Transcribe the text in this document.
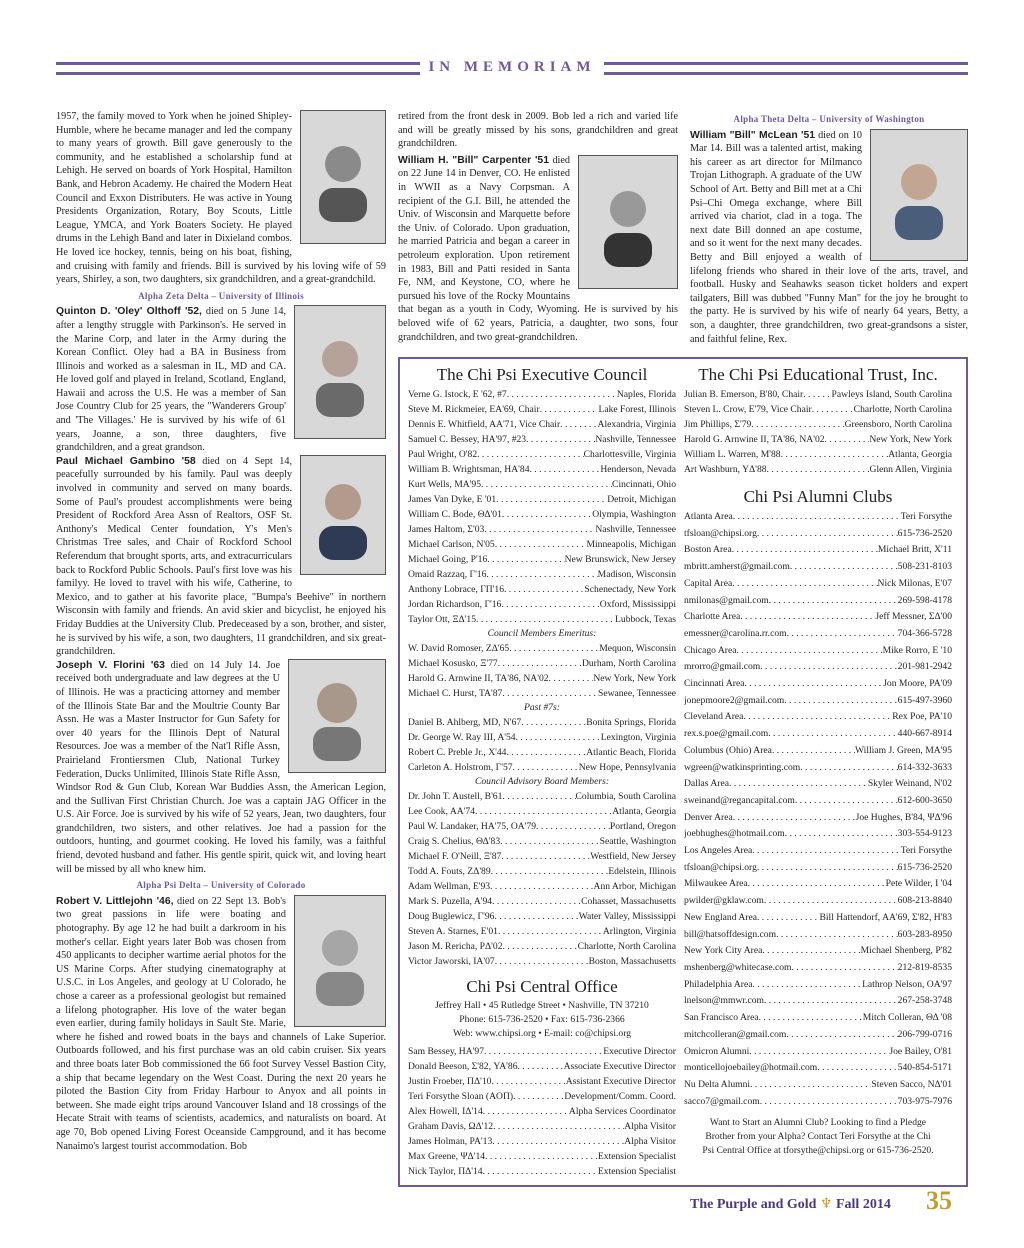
IN MEMORIAM

1957, the family moved to York when he joined Shipley-Humble, where he became manager and led the company to many years of growth. Bill gave generously to the community, and he established a scholarship fund at Lehigh. He served on boards of York Hospital, Hamilton Bank, and Hebron Academy. He chaired the Modern Heat Council and Exxon Distributers. He was active in Young Presidents Organization, Rotary, Boy Scouts, Little League, YMCA, and York Boaters Society. He played drums in the Lehigh Band and later in Dixieland combos. He loved ice hockey, tennis, being on his boat, fishing, and cruising with family and friends. Bill is survived by his loving wife of 59 years, Shirley, a son, two daughters, six grandchildren, and a great-grandchild.

Alpha Zeta Delta – University of Illinois

Quinton D. 'Oley' Olthoff '52, died on 5 June 14, after a lengthy struggle with Parkinson's. He served in the Marine Corp, and later in the Army during the Korean Conflict. Oley had a BA in Business from Illinois and worked as a salesman in IL, MD and CA. He loved golf and played in Ireland, Scotland, England, Hawaii and across the U.S. He was a member of San Jose Country Club for 25 years, the "Wanderers Group' and 'The Villages.' He is survived by his wife of 61 years, Joanne, a son, three daughters, five grandchildren, and a great grandson.

Paul Michael Gambino '58 died on 4 Sept 14, peacefully surrounded by his family. Paul was deeply involved in community and served on many boards. Some of Paul's proudest accomplishments were being President of Rockford Area Assn of Realtors, OSF St. Anthony's Medical Center foundation, Y's Men's Christmas Tree sales, and Chair of Rockford School Referendum that brought sports, arts, and extracurriculars back to Rockford Public Schools. Paul's first love was his familyy. He loved to travel with his wife, Catherine, to Mexico, and to gather at his favorite place, "Bumpa's Beehive" in northern Wisconsin with family and friends. An avid skier and bicyclist, he enjoyed his Friday Buddies at the University Club. Predeceased by a son, brother, and sister, he is survived by his wife, a son, two daughters, 11 grandchildren, and six great-grandchildren.

Joseph V. Florini '63 died on 14 July 14. Joe received both undergraduate and law degrees at the U of Illinois. He was a practicing attorney and member of the Illinois State Bar and the Moultrie County Bar Assn. He was a Master Instructor for Gun Safety for over 40 years for the Illinois Dept of Natural Resources. Joe was a member of the Nat'l Rifle Assn, Prairieland Frontiersmen Club, National Turkey Federation, Ducks Unlimited, Illinois State Rifle Assn, Windsor Rod & Gun Club, Korean War Buddies Assn, the American Legion, and the Sullivan First Christian Church. Joe was a captain JAG Officer in the U.S. Air Force. Joe is survived by his wife of 52 years, Jean, two daughters, four grandchildren, two sisters, and other relatives. Joe had a passion for the outdoors, hunting, and gourmet cooking. He loved his family, was a faithful friend, devoted husband and father. His gentle spirit, quick wit, and loving heart will be missed by all who knew him.

Alpha Psi Delta – University of Colorado

Robert V. Littlejohn '46, died on 22 Sept 13. Bob's two great passions in life were boating and photography. By age 12 he had built a darkroom in his mother's cellar. Eight years later Bob was chosen from 450 applicants to decipher wartime aerial photos for the US Marine Corps. After studying cinematography at U.S.C. in Los Angeles, and geology at U Colorado, he chose a career as a professional geologist but remained a lifelong photographer. His love of the water began even earlier, during family holidays in Sault Ste. Marie, where he fished and rowed boats in the bays and channels of Lake Superior. Outboards followed, and his first purchase was an old cabin cruiser. Six years and three boats later Bob commissioned the 66 foot Survey Vessel Bastion City, a ship that became legendary on the West Coast. During the next 20 years he piloted the Bastion City from Friday Harbour to Anyox and all points in between. She made eight trips around Vancouver Island and 18 crossings of the Hecate Strait with teams of scientists, academics, and naturalists on board. At age 70, Bob opened Living Forest Oceanside Campground, and it has become Nanaimo's largest tourist accommodation. Bob

retired from the front desk in 2009. Bob led a rich and varied life and will be greatly missed by his sons, grandchildren and great grandchildren.

William H. "Bill" Carpenter '51 died on 22 June 14 in Denver, CO. He enlisted in WWII as a Navy Corpsman. A recipient of the G.I. Bill, he attended the Univ. of Wisconsin and Marquette before the Univ. of Colorado. Upon graduation, he married Patricia and began a career in petroleum exploration. Upon retirement in 1983, Bill and Patti resided in Santa Fe, NM, and Keystone, CO, where he pursued his love of the Rocky Mountains that began as a youth in Cody, Wyoming. He is survived by his beloved wife of 62 years, Patricia, a daughter, two sons, four grandchildren, and two great-grandchildren.

Alpha Theta Delta – University of Washington

William "Bill" McLean '51 died on 10 Mar 14. Bill was a talented artist, making his career as art director for Milmanco Trojan Lithograph. A graduate of the UW School of Art. Betty and Bill met at a Chi Psi–Chi Omega exchange, where Bill arrived via chariot, clad in a toga. The next date Bill donned an ape costume, and so it went for the next many decades. Betty and Bill enjoyed a wealth of lifelong friends who shared in their love of the arts, travel, and football. Husky and Seahawks season ticket holders and expert tailgaters, Bill was dubbed "Funny Man" for the joy he brought to the party. He is survived by his wife of nearly 64 years, Betty, a son, a daughter, three grandchildren, two great-grandsons a sister, and faithful feline, Rex.

The Chi Psi Executive Council
Verne G. Istock, E '62, #7 . . .	Naples, Florida
Steve M. Rickmeier, EA'69, Chair . . .	Lake Forest, Illinois
Dennis E. Whitfield, AA'71, Vice Chair . . .	Alexandria, Virginia
Samuel C. Bessey, HA'97, #23 . . .	Nashville, Tennessee
Paul Wright, O'82 . . .	Charlottesville, Virginia
William B. Wrightsman, HA'84 . . .	Henderson, Nevada
Kurt Wells, MA'95 . . .	Cincinnati, Ohio
James Van Dyke, E '01 . . .	Detroit, Michigan
William C. Bode, ΘΔ'01 . . .	Olympia, Washington
James Haltom, Σ'03 . . .	Nashville, Tennessee
Michael Carlson, N'05 . . .	Minneapolis, Michigan
Michael Going, P'16 . . .	New Brunswick, New Jersey
Omaid Razzaq, Γ'16 . . .	Madison, Wisconsin
Anthony Lobrace, ΓΠ'16 . . .	Schenectady, New York
Jordan Richardson, Γ'16 . . .	Oxford, Mississippi
Taylor Ott, ΞΔ'15 . . .	Lubbock, Texas
Council Members Emeritus:
W. David Romoser, ZΔ'65 . . .	Mequon, Wisconsin
Michael Kosusko, Ξ'77 . . .	Durham, North Carolina
Harold G. Arnwine II, TA'86, NA'02 . . .	New York, New York
Michael C. Hurst, TA'87 . . .	Sewanee, Tennessee
Past #7s:
Daniel B. Ahlberg, MD, N'67 . . .	Bonita Springs, Florida
Dr. George W. Ray III, A'54 . . .	Lexington, Virginia
Robert C. Preble Jr., X'44 . . .	Atlantic Beach, Florida
Carleton A. Holstrom, Γ'57 . . .	New Hope, Pennsylvania
Council Advisory Board Members:
Dr. John T. Austell, B'61 . . .	Columbia, South Carolina
Lee Cook, AA'74 . . .	Atlanta, Georgia
Paul W. Landaker, HA'75, OA'79 . . .	Portland, Oregon
Craig S. Chelius, ΘΔ'83 . . .	Seattle, Washington
Michael F. O'Neill, Ξ'87 . . .	Westfield, New Jersey
Todd A. Fouts, ZΔ'89 . . .	Edelstein, Illinois
Adam Wellman, E'93 . . .	Ann Arbor, Michigan
Mark S. Puzella, A'94 . . .	Cohasset, Massachusetts
Doug Buglewicz, Γ'96 . . .	Water Valley, Mississippi
Steven A. Starnes, E'01 . . .	Arlington, Virginia
Jason M. Rericha, PΔ'02 . . .	Charlotte, North Carolina
Victor Jaworski, IA'07 . . .	Boston, Massachusetts
Chi Psi Central Office
Jeffrey Hall • 45 Rutledge Street • Nashville, TN 37210
Phone: 615-736-2520 • Fax: 615-736-2366
Web: www.chipsi.org • E-mail: co@chipsi.org
Sam Bessey, HA'97 . . .	Executive Director
Donald Beeson, Σ'82, YA'86 . . .	Associate Executive Director
Justin Froeber, ΠΔ'10 . . .	Assistant Executive Director
Teri Forsythe Sloan (AOΠ) . . .	Development/Comm. Coord.
Alex Howell, IΔ'14 . . .	Alpha Services Coordinator
Graham Davis, ΩΔ'12 . . .	Alpha Visitor
James Holman, PA'13 . . .	Alpha Visitor
Max Greene, ΨΔ'14 . . .	Extension Specialist
Nick Taylor, ΠΔ'14 . . .	Extension Specialist
The Chi Psi Educational Trust, Inc.
Julian B. Emerson, B'80, Chair . . .	Pawleys Island, South Carolina
Steven L. Crow, E'79, Vice Chair . . .	Charlotte, North Carolina
Jim Phillips, Σ'79 . . .	Greensboro, North Carolina
Harold G. Arnwine II, TA'86, NA'02 . . .	New York, New York
William L. Warren, M'88 . . .	Atlanta, Georgia
Art Washburn, YΔ'88 . . .	Glenn Allen, Virginia
Chi Psi Alumni Clubs
Atlanta Area . . .	Teri Forsythe
tfsloan@chipsi.org . . .	615-736-2520
Boston Area . . .	Michael Britt, X'11
mbritt.amherst@gmail.com . . .	508-231-8103
Capital Area . . .	Nick Milonas, E'07
nmilonas@gmail.com . . .	269-598-4178
Charlotte Area . . .	Jeff Messner, ΣΔ'00
emessner@carolina.rr.com . . .	704-366-5728
Chicago Area . . .	Mike Rorro, E '10
mrorro@gmail.com . . .	201-981-2942
Cincinnati Area . . .	Jon Moore, PA'09
jonepmoore2@gmail.com . . .	615-497-3960
Cleveland Area . . .	Rex Poe, PA'10
rex.s.poe@gmail.com . . .	440-667-8914
Columbus (Ohio) Area . . .	William J. Green, MA'95
wgreen@watkinsprinting.com . . .	614-332-3633
Dallas Area . . .	Skyler Weinand, N'02
sweinand@regancapital.com . . .	612-600-3650
Denver Area . . .	Joe Hughes, B'84, ΨΔ'96
joebhughes@hotmail.com . . .	303-554-9123
Los Angeles Area . . .	Teri Forsythe
tfsloan@chipsi.org . . .	615-736-2520
Milwaukee Area . . .	Pete Wilder, I '04
pwilder@gklaw.com . . .	608-213-8840
New England Area . . .	Bill Hattendorf, AA'69, Σ'82, H'83
bill@hatsoffdesign.com . . .	603-283-8950
New York City Area . . .	Michael Shenberg, P'82
mshenberg@whitecase.com . . .	212-819-8535
Philadelphia Area . . .	Lathrop Nelson, OA'97
lnelson@mmwr.com . . .	267-258-3748
San Francisco Area . . .	Mitch Colleran, ΘΔ '08
mitchcolleran@gmail.com . . .	206-799-0716
Omicron Alumni . . .	Joe Bailey, O'81
monticellojoebailey@hotmail.com . . .	540-854-5171
Nu Delta Alumni . . .	Steven Sacco, NΔ'01
sacco7@gmail.com . . .	703-975-7976
Want to Start an Alumni Club? Looking to find a Pledge Brother from your Alpha? Contact Teri Forsythe at the Chi Psi Central Office at tforsythe@chipsi.org or 615-736-2520.
The Purple and Gold ♆ Fall 2014 35
